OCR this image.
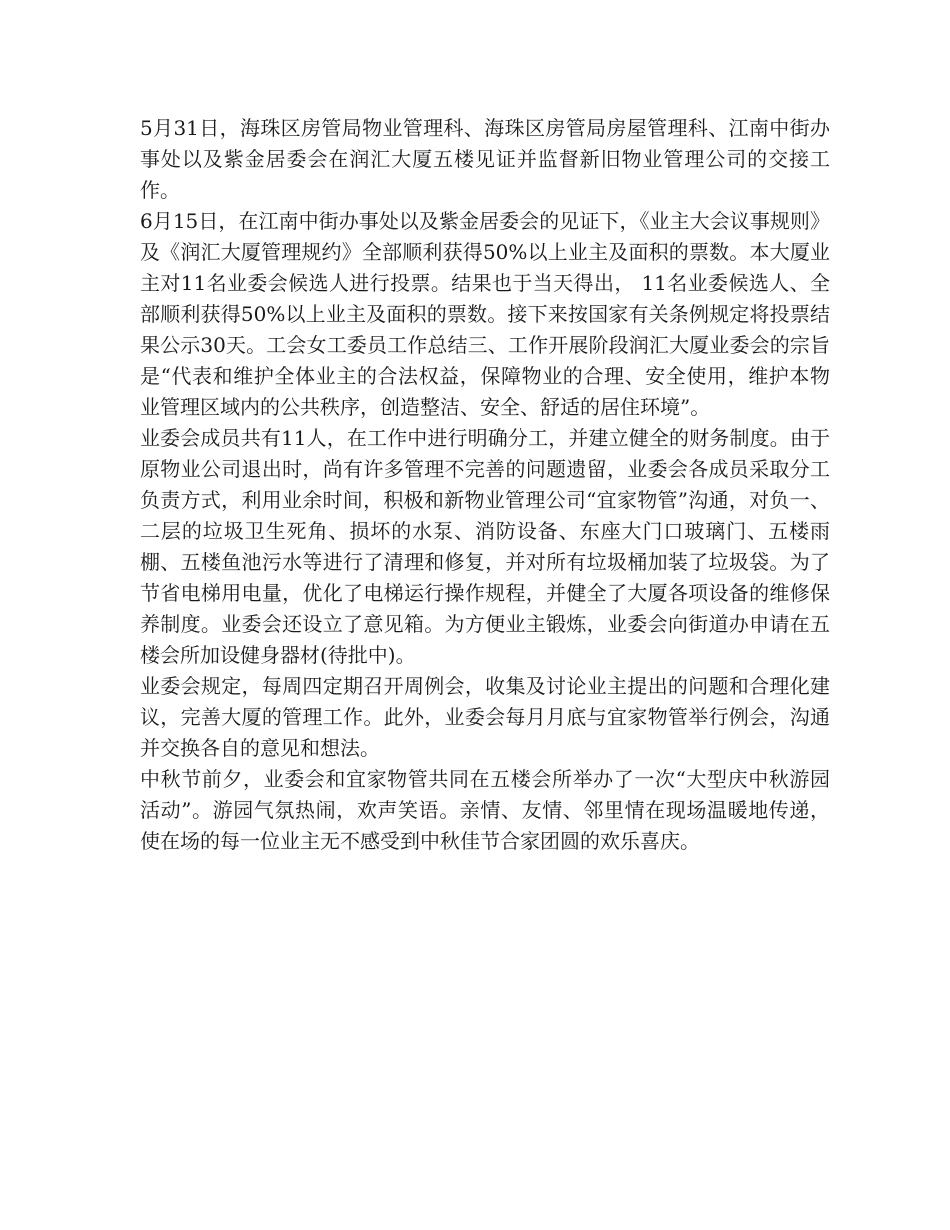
5月31日，海珠区房管局物业管理科、海珠区房管局房屋管理科、江南中街办事处以及紫金居委会在润汇大厦五楼见证并监督新旧物业管理公司的交接工作。

6月15日，在江南中街办事处以及紫金居委会的见证下，《业主大会议事规则》及《润汇大厦管理规约》全部顺利获得50%以上业主及面积的票数。本大厦业主对11名业委会候选人进行投票。结果也于当天得出， 11名业委候选人、全部顺利获得50%以上业主及面积的票数。接下来按国家有关条例规定将投票结果公示30天。工会女工委员工作总结三、工作开展阶段润汇大厦业委会的宗旨是“代表和维护全体业主的合法权益，保障物业的合理、安全使用，维护本物业管理区域内的公共秩序，创造整洁、安全、舒适的居住环境”。

业委会成员共有11人，在工作中进行明确分工，并建立健全的财务制度。由于原物业公司退出时，尚有许多管理不完善的问题遗留，业委会各成员采取分工负责方式，利用业余时间，积极和新物业管理公司“宜家物管”沟通，对负一、二层的垃圾卫生死角、损坏的水泵、消防设备、东座大门口玻璃门、五楼雨棚、五楼鱼池污水等进行了清理和修复，并对所有垃圾桶加装了垃圾袋。为了节省电梯用电量，优化了电梯运行操作规程，并健全了大厦各项设备的维修保养制度。业委会还设立了意见箱。为方便业主锻炼，业委会向街道办申请在五楼会所加设健身器材(待批中)。

业委会规定，每周四定期召开周例会，收集及讨论业主提出的问题和合理化建议，完善大厦的管理工作。此外，业委会每月月底与宜家物管举行例会，沟通并交换各自的意见和想法。

中秋节前夕，业委会和宜家物管共同在五楼会所举办了一次“大型庆中秋游园活动”。游园气氛热闹，欢声笑语。亲情、友情、邻里情在现场温暖地传递，使在场的每一位业主无不感受到中秋佳节合家团圆的欢乐喜庆。
